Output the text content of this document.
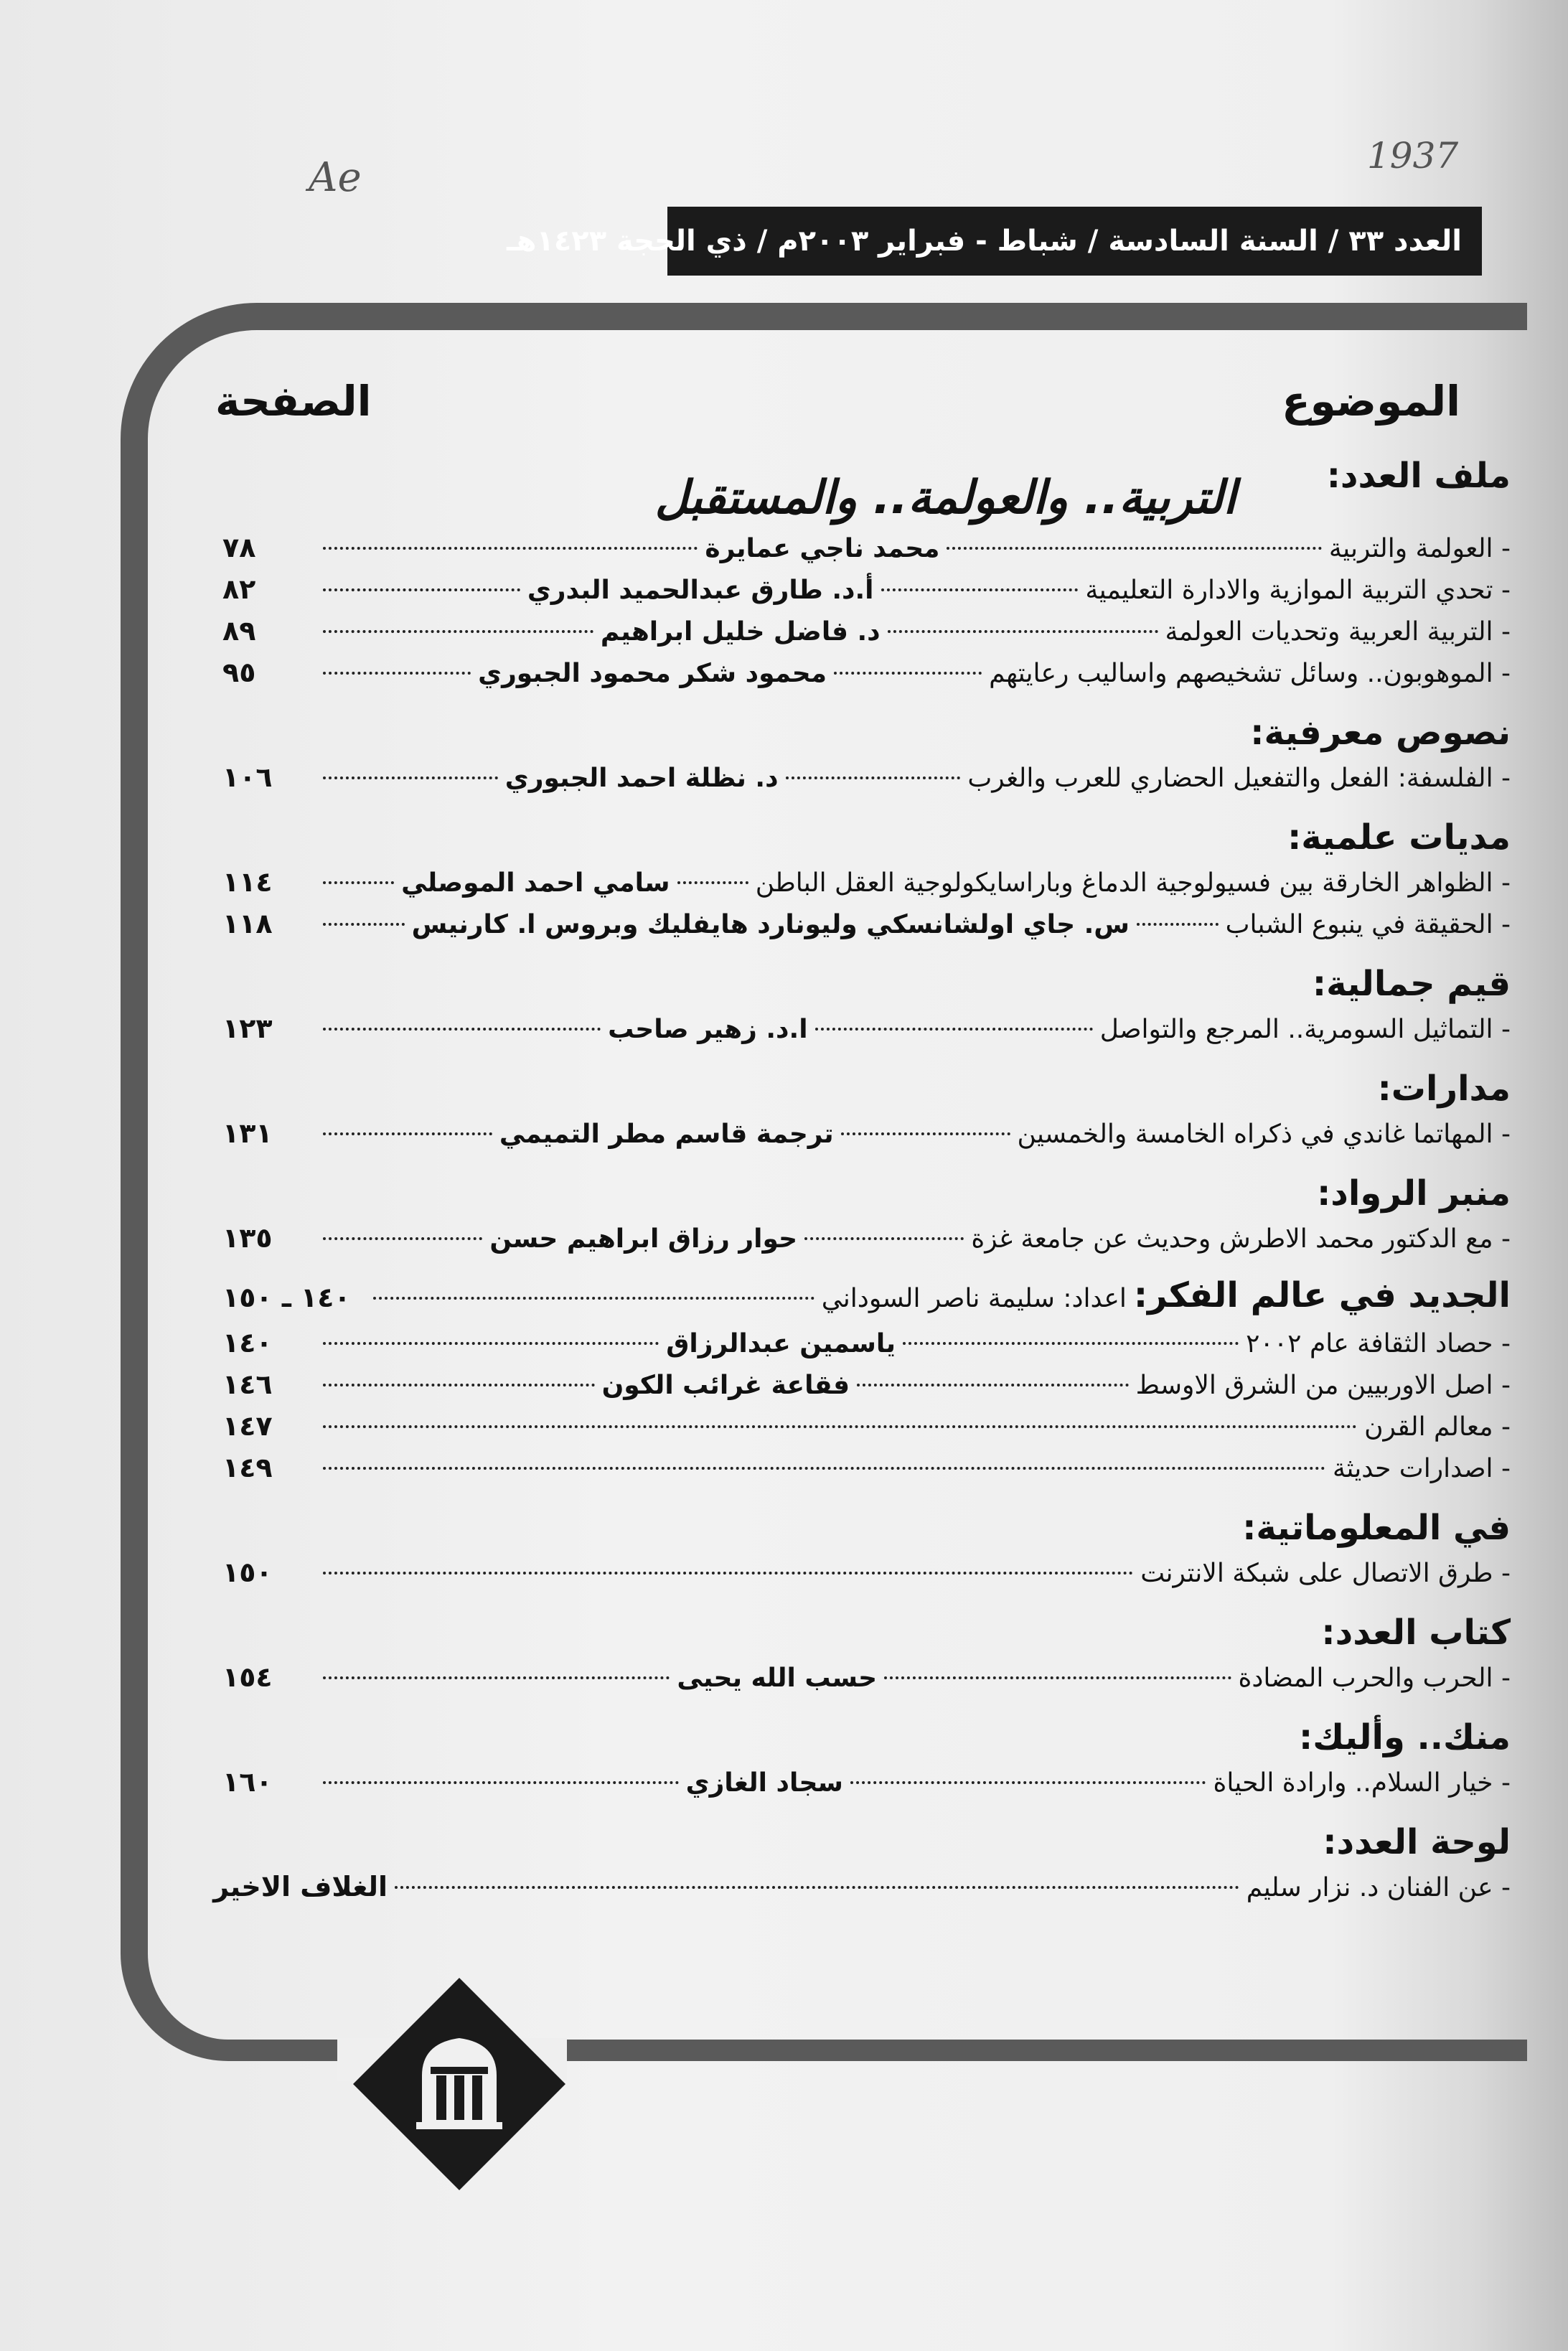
1937
Ae
العدد ٣٣ / السنة السادسة / شباط - فبراير ٢٠٠٣م / ذي الحجة ١٤٢٣هـ
الموضوع
الصفحة
ملف العدد:
التربية.. والعولمة.. والمستقبل
- العولمة والتربية
محمد ناجي عمايرة
٧٨
- تحدي التربية الموازية والادارة التعليمية
أ.د. طارق عبدالحميد البدري
٨٢
- التربية العربية وتحديات العولمة
د. فاضل خليل ابراهيم
٨٩
- الموهوبون.. وسائل تشخيصهم واساليب رعايتهم
محمود شكر محمود الجبوري
٩٥
نصوص معرفية:
- الفلسفة: الفعل والتفعيل الحضاري للعرب والغرب
د. نظلة احمد الجبوري
١٠٦
مديات علمية:
- الظواهر الخارقة بين فسيولوجية الدماغ وباراسايكولوجية العقل الباطن
سامي احمد الموصلي
١١٤
- الحقيقة في ينبوع الشباب
س. جاي اولشانسكي وليونارد هايفليك وبروس ا. كارنيس
١١٨
قيم جمالية:
- التماثيل السومرية.. المرجع والتواصل
ا.د. زهير صاحب
١٢٣
مدارات:
- المهاتما غاندي في ذكراه الخامسة والخمسين
ترجمة قاسم مطر التميمي
١٣١
منبر الرواد:
- مع الدكتور محمد الاطرش وحديث عن جامعة غزة
حوار رزاق ابراهيم حسن
١٣٥
الجديد في عالم الفكر:
اعداد: سليمة ناصر السوداني
١٤٠ ـ ١٥٠
- حصاد الثقافة عام ٢٠٠٢
ياسمين عبدالرزاق
١٤٠
- اصل الاوربيين من الشرق الاوسط
فقاعة غرائب الكون
١٤٦
- معالم القرن
١٤٧
- اصدارات حديثة
١٤٩
في المعلوماتية:
- طرق الاتصال على شبكة الانترنت
١٥٠
كتاب العدد:
- الحرب والحرب المضادة
حسب الله يحيى
١٥٤
منك.. وأليك:
- خيار السلام.. وارادة الحياة
سجاد الغازي
١٦٠
لوحة العدد:
- عن الفنان د. نزار سليم
الغلاف الاخير
